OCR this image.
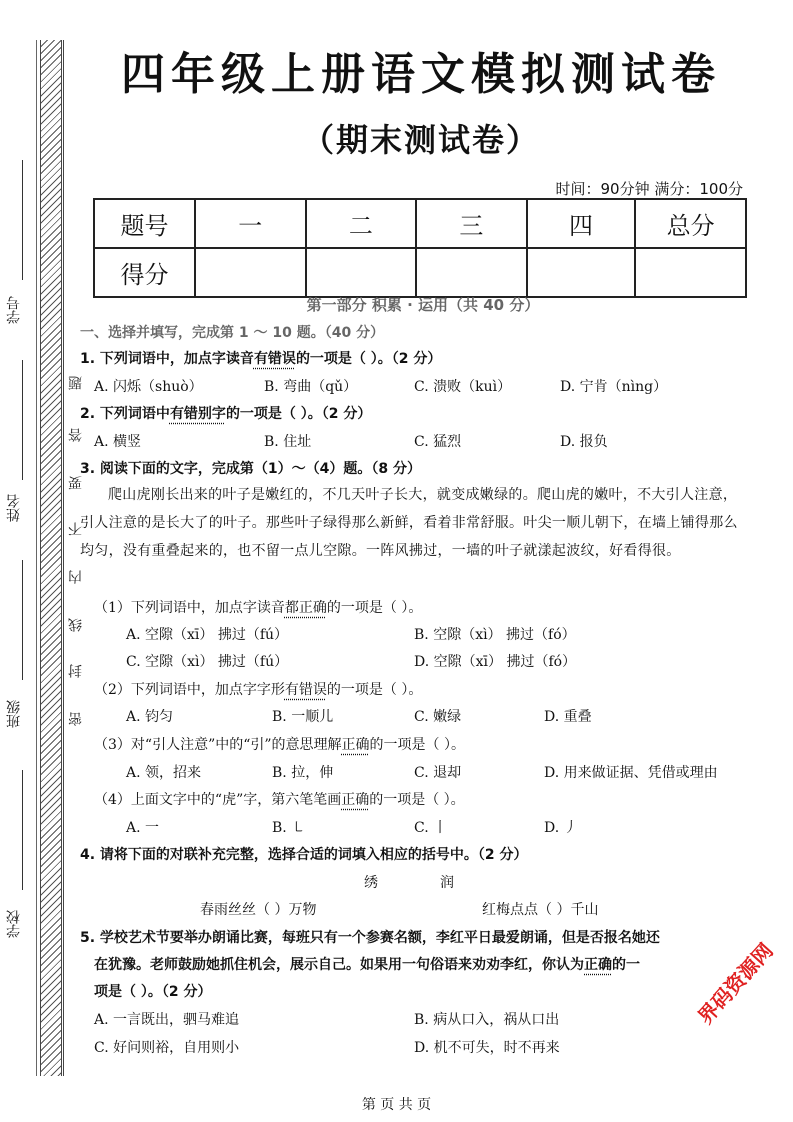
学号
姓名
班级
学校
题
答
要
不
内
线
封
密
四年级上册语文模拟测试卷
（期末测试卷）
时间：90分钟 满分：100分
题号	一	二	三	四	总分
得分					
第一部分 积累 · 运用（共 40 分）
一、选择并填写，完成第 1 ～ 10 题。（40 分）
1. 下列词语中，加点字读音有错误的一项是（ ）。（2 分）
A. 闪烁（shuò）	B. 弯曲（qǔ）	C. 溃败（kuì）	D. 宁肯（nìng）
2. 下列词语中有错别字的一项是（ ）。（2 分）
A. 横竖	B. 住址	C. 猛烈	D. 报负
3. 阅读下面的文字，完成第（1）～（4）题。（8 分）
爬山虎刚长出来的叶子是嫩红的，不几天叶子长大，就变成嫩绿的。爬山虎的嫩叶，不大引人注意，引人注意的是长大了的叶子。那些叶子绿得那么新鲜，看着非常舒服。叶尖一顺儿朝下，在墙上铺得那么均匀，没有重叠起来的，也不留一点儿空隙。一阵风拂过，一墙的叶子就漾起波纹，好看得很。
（1）下列词语中，加点字读音都正确的一项是（ ）。
A. 空隙（xī） 拂过（fú）	B. 空隙（xì） 拂过（fó）
C. 空隙（xì） 拂过（fú）	D. 空隙（xī） 拂过（fó）
（2）下列词语中，加点字字形有错误的一项是（ ）。
A. 钧匀	B. 一顺儿	C. 嫩绿	D. 重叠
（3）对“引人注意”中的“引”的意思理解正确的一项是（ ）。
A. 领，招来	B. 拉，伸	C. 退却	D. 用来做证据、凭借或理由
（4）上面文字中的“虎”字，第六笔笔画正确的一项是（ ）。
A. 一	B. ㇄	C. 丨	D. 丿
4. 请将下面的对联补充完整，选择合适的词填入相应的括号中。（2 分）
绣	润
春雨丝丝（ ）万物	红梅点点（ ）千山
5. 学校艺术节要举办朗诵比赛，每班只有一个参赛名额，李红平日最爱朗诵，但是否报名她还
在犹豫。老师鼓励她抓住机会，展示自己。如果用一句俗语来劝劝李红，你认为正确的一
项是（ ）。（2 分）
A. 一言既出，驷马难追	B. 病从口入，祸从口出
C. 好问则裕，自用则小	D. 机不可失，时不再来
界码资源网
第 页 共 页
